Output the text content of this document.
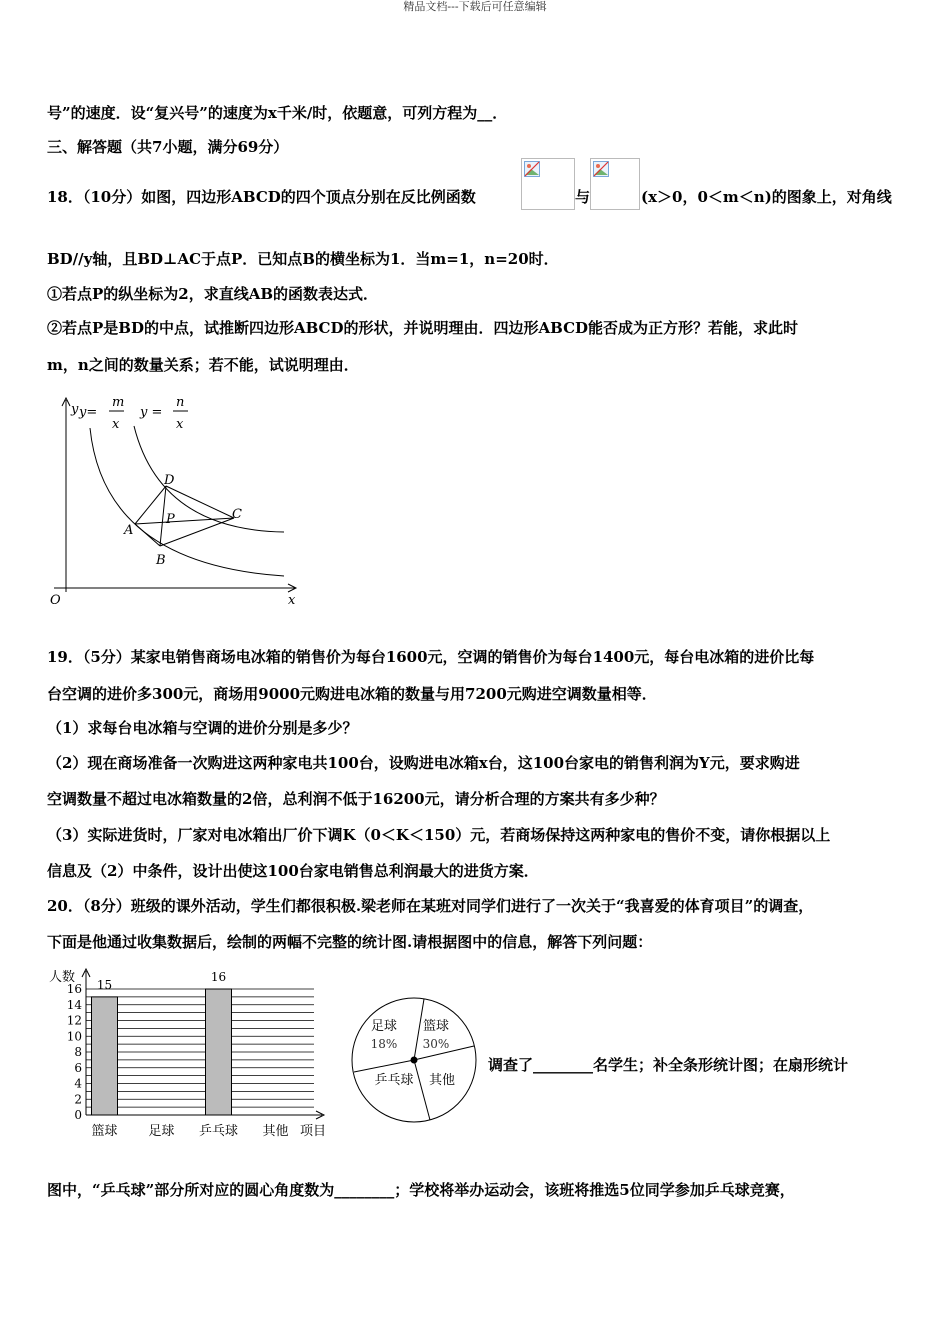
精品文档---下载后可任意编辑
号”的速度．设“复兴号”的速度为x千米/时，依题意，可列方程为__．
三、解答题（共7小题，满分69分）
18．（10分）如图，四边形ABCD的四个顶点分别在反比例函数	与	(x＞0，0＜m＜n)的图象上，对角线
BD//y轴，且BD⊥AC于点P．已知点B的横坐标为1．当m=1，n=20时．
①若点P的纵坐标为2，求直线AB的函数表达式．
②若点P是BD的中点，试推断四边形ABCD的形状，并说明理由．四边形ABCD能否成为正方形？若能，求此时
m，n之间的数量关系；若不能，试说明理由．
y y=
m
x
y =
n
x
D
P	C
A
B
O	x
19．（5分）某家电销售商场电冰箱的销售价为每台1600元，空调的销售价为每台1400元，每台电冰箱的进价比每
台空调的进价多300元，商场用9000元购进电冰箱的数量与用7200元购进空调数量相等．
（1）求每台电冰箱与空调的进价分别是多少？
（2）现在商场准备一次购进这两种家电共100台，设购进电冰箱x台，这100台家电的销售利润为Y元，要求购进
空调数量不超过电冰箱数量的2倍，总利润不低于16200元，请分析合理的方案共有多少种？
（3）实际进货时，厂家对电冰箱出厂价下调K（0＜K＜150）元，若商场保持这两种家电的售价不变，请你根据以上
信息及（2）中条件，设计出使这100台家电销售总利润最大的进货方案．
20．（8分）班级的课外活动，学生们都很积极.梁老师在某班对同学们进行了一次关于“我喜爱的体育项目”的调查，
下面是他通过收集数据后，绘制的两幅不完整的统计图.请根据图中的信息，解答下列问题：
人数
项目
0
2
4
6
8
10
12
14
16
篮球 足球 乒乓球 其他
15
16
足球
18%
篮球
30%
乒乓球 其他
调查了________名学生；补全条形统计图；在扇形统计
图中，“乒乓球”部分所对应的圆心角度数为________；学校将举办运动会，该班将推选5位同学参加乒乓球竞赛，
